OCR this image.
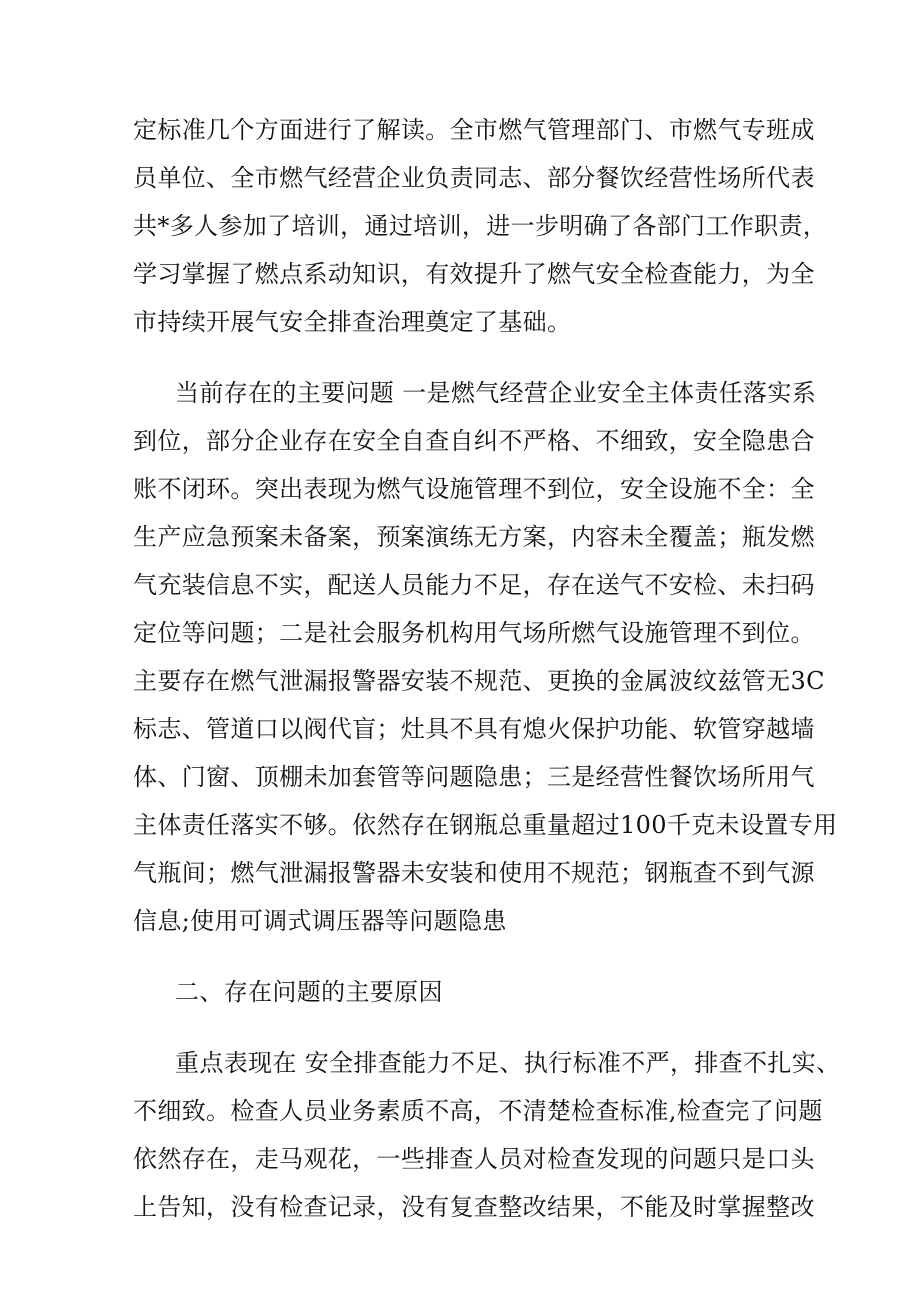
定标准几个方面进行了解读。全市燃气管理部门、市燃气专班成
员单位、全市燃气经营企业负责同志、部分餐饮经营性场所代表
共*多人参加了培训，通过培训，进一步明确了各部门工作职责，
学习掌握了燃点系动知识，有效提升了燃气安全检查能力，为全
市持续开展气安全排查治理奠定了基础。
当前存在的主要问题 一是燃气经营企业安全主体责任落实系
到位，部分企业存在安全自查自纠不严格、不细致，安全隐患合
账不闭环。突出表现为燃气设施管理不到位，安全设施不全：全
生产应急预案未备案，预案演练无方案，内容未全覆盖；瓶发燃
气充装信息不实，配送人员能力不足，存在送气不安检、未扫码
定位等问题；二是社会服务机构用气场所燃气设施管理不到位。
主要存在燃气泄漏报警器安装不规范、更换的金属波纹兹管无3C
标志、管道口以阀代盲；灶具不具有熄火保护功能、软管穿越墙
体、门窗、顶棚未加套管等问题隐患；三是经营性餐饮场所用气
主体责任落实不够。依然存在钢瓶总重量超过100千克未设置专用
气瓶间；燃气泄漏报警器未安装和使用不规范；钢瓶查不到气源
信息;使用可调式调压器等问题隐患
二、存在问题的主要原因
重点表现在 安全排查能力不足、执行标准不严，排查不扎实、
不细致。检查人员业务素质不高，不清楚检查标准,检查完了问题
依然存在，走马观花，一些排查人员对检查发现的问题只是口头
上告知，没有检查记录，没有复查整改结果，不能及时掌握整改
